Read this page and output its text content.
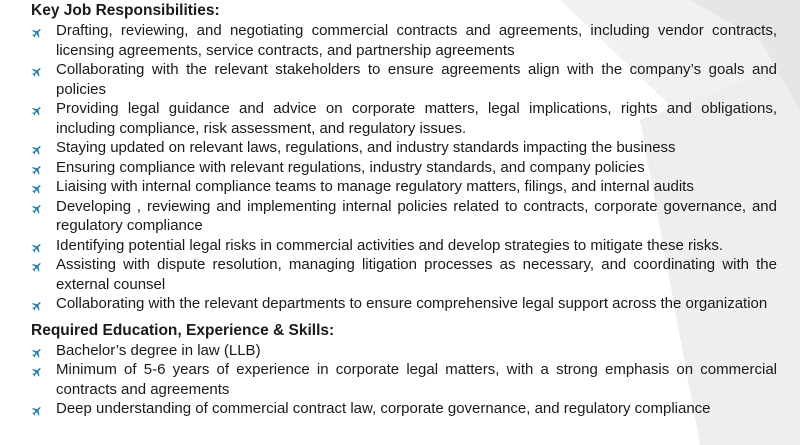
Key Job Responsibilities:
Drafting, reviewing, and negotiating commercial contracts and agreements, including vendor contracts, licensing agreements, service contracts, and partnership agreements
Collaborating with the relevant stakeholders to ensure agreements align with the company’s goals and policies
Providing legal guidance and advice on corporate matters, legal implications, rights and obligations, including compliance, risk assessment, and regulatory issues.
Staying updated on relevant laws, regulations, and industry standards impacting the business
Ensuring compliance with relevant regulations, industry standards, and company policies
Liaising with internal compliance teams to manage regulatory matters, filings, and internal audits
Developing , reviewing and implementing internal policies related to contracts, corporate governance, and regulatory compliance
Identifying potential legal risks in commercial activities and develop strategies to mitigate these risks.
Assisting with dispute resolution, managing litigation processes as necessary, and coordinating with the external counsel
Collaborating with the relevant departments to ensure comprehensive legal support across the organization
Required Education, Experience & Skills:
Bachelor’s degree in law (LLB)
Minimum of 5-6 years of experience in corporate legal matters, with a strong emphasis on commercial contracts and agreements
Deep understanding of commercial contract law, corporate governance, and regulatory compliance
